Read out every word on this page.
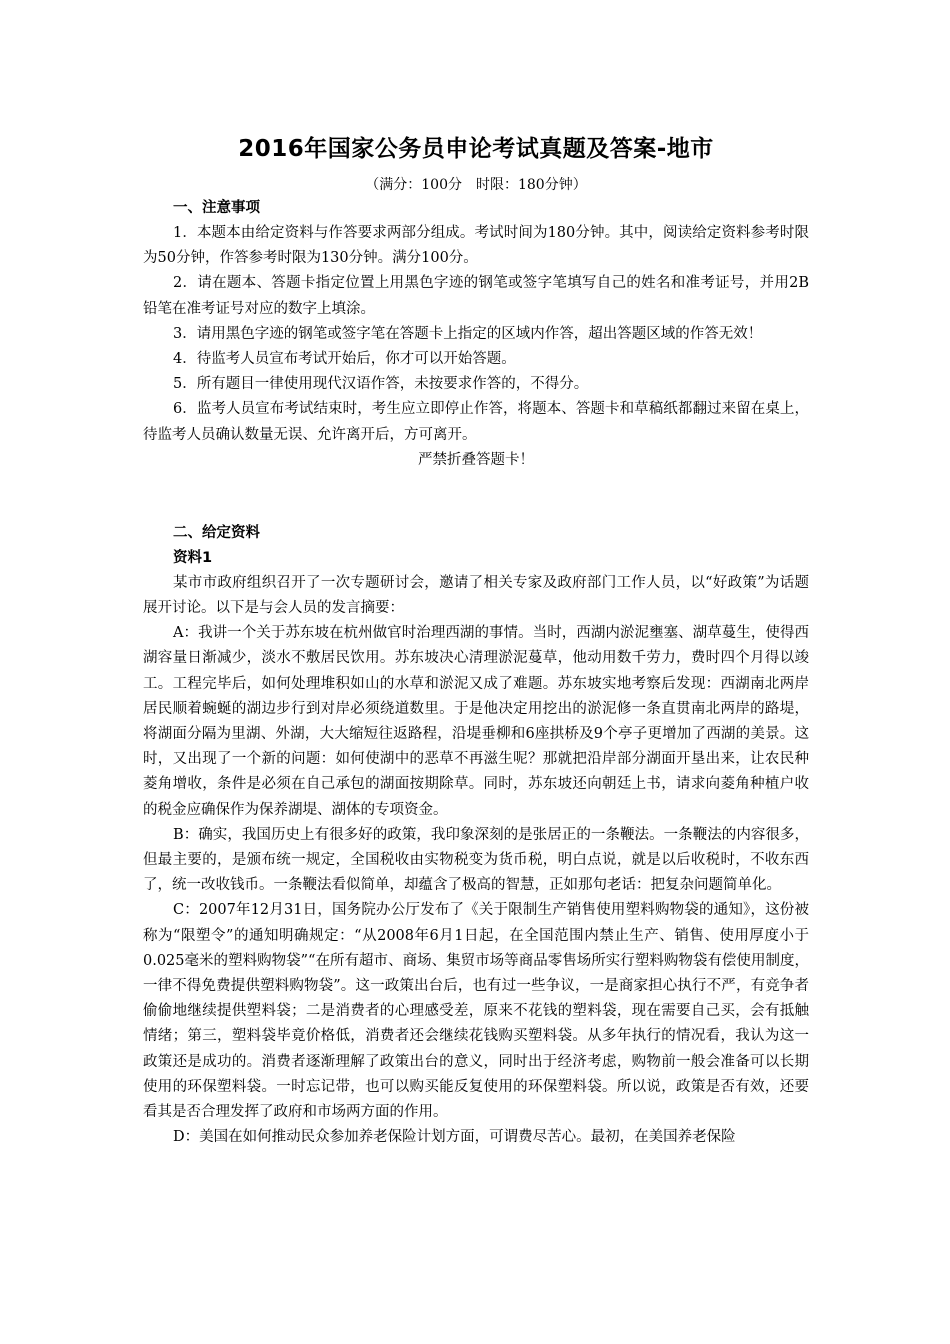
2016年国家公务员申论考试真题及答案-地市

（满分：100分　时限：180分钟）

一、注意事项

1．本题本由给定资料与作答要求两部分组成。考试时间为180分钟。其中，阅读给定资料参考时限为50分钟，作答参考时限为130分钟。满分100分。

2．请在题本、答题卡指定位置上用黑色字迹的钢笔或签字笔填写自己的姓名和准考证号，并用2B铅笔在准考证号对应的数字上填涂。

3．请用黑色字迹的钢笔或签字笔在答题卡上指定的区域内作答，超出答题区域的作答无效！

4．待监考人员宣布考试开始后，你才可以开始答题。

5．所有题目一律使用现代汉语作答，未按要求作答的，不得分。

6．监考人员宣布考试结束时，考生应立即停止作答，将题本、答题卡和草稿纸都翻过来留在桌上，待监考人员确认数量无误、允许离开后，方可离开。

严禁折叠答题卡！

二、给定资料

资料1

某市市政府组织召开了一次专题研讨会，邀请了相关专家及政府部门工作人员，以“好政策”为话题展开讨论。以下是与会人员的发言摘要：

A：我讲一个关于苏东坡在杭州做官时治理西湖的事情。当时，西湖内淤泥壅塞、湖草蔓生，使得西湖容量日渐减少，淡水不敷居民饮用。苏东坡决心清理淤泥蔓草，他动用数千劳力，费时四个月得以竣工。工程完毕后，如何处理堆积如山的水草和淤泥又成了难题。苏东坡实地考察后发现：西湖南北两岸居民顺着蜿蜒的湖边步行到对岸必须绕道数里。于是他决定用挖出的淤泥修一条直贯南北两岸的路堤，将湖面分隔为里湖、外湖，大大缩短往返路程，沿堤垂柳和6座拱桥及9个亭子更增加了西湖的美景。这时，又出现了一个新的问题：如何使湖中的恶草不再滋生呢？那就把沿岸部分湖面开垦出来，让农民种菱角增收，条件是必须在自己承包的湖面按期除草。同时，苏东坡还向朝廷上书，请求向菱角种植户收的税金应确保作为保养湖堤、湖体的专项资金。

B：确实，我国历史上有很多好的政策，我印象深刻的是张居正的一条鞭法。一条鞭法的内容很多，但最主要的，是颁布统一规定，全国税收由实物税变为货币税，明白点说，就是以后收税时，不收东西了，统一改收钱币。一条鞭法看似简单，却蕴含了极高的智慧，正如那句老话：把复杂问题简单化。

C：2007年12月31日，国务院办公厅发布了《关于限制生产销售使用塑料购物袋的通知》，这份被称为“限塑令”的通知明确规定：“从2008年6月1日起，在全国范围内禁止生产、销售、使用厚度小于0.025毫米的塑料购物袋”“在所有超市、商场、集贸市场等商品零售场所实行塑料购物袋有偿使用制度，一律不得免费提供塑料购物袋”。这一政策出台后，也有过一些争议，一是商家担心执行不严，有竞争者偷偷地继续提供塑料袋；二是消费者的心理感受差，原来不花钱的塑料袋，现在需要自己买，会有抵触情绪；第三，塑料袋毕竟价格低，消费者还会继续花钱购买塑料袋。从多年执行的情况看，我认为这一政策还是成功的。消费者逐渐理解了政策出台的意义，同时出于经济考虑，购物前一般会准备可以长期使用的环保塑料袋。一时忘记带，也可以购买能反复使用的环保塑料袋。所以说，政策是否有效，还要看其是否合理发挥了政府和市场两方面的作用。

D：美国在如何推动民众参加养老保险计划方面，可谓费尽苦心。最初，在美国养老保险
